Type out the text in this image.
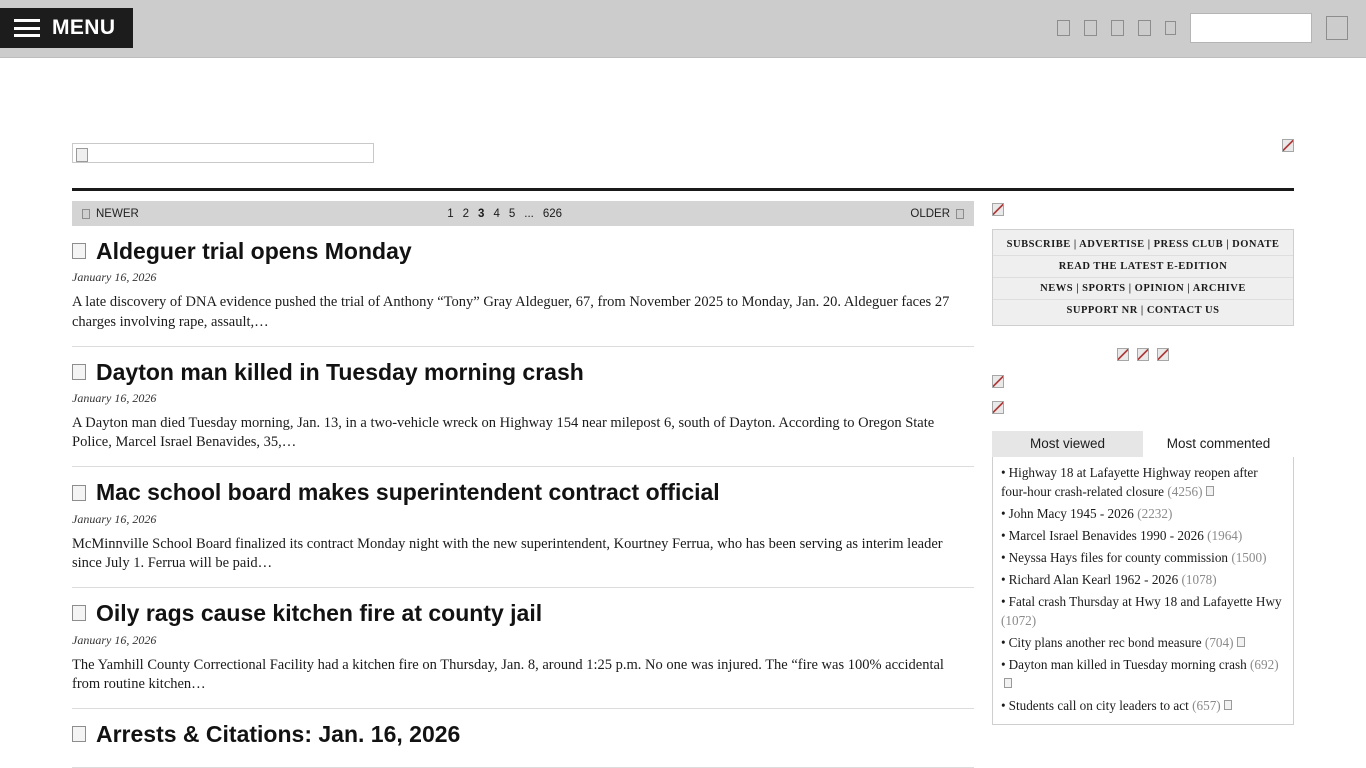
MENU
NEWER	1 2 3 4 5 ... 626	OLDER
Aldeguer trial opens Monday

January 16, 2026

A late discovery of DNA evidence pushed the trial of Anthony “Tony” Gray Aldeguer, 67, from November 2025 to Monday, Jan. 20. Aldeguer faces 27 charges involving rape, assault,…

Dayton man killed in Tuesday morning crash

January 16, 2026

A Dayton man died Tuesday morning, Jan. 13, in a two-vehicle wreck on Highway 154 near milepost 6, south of Dayton. According to Oregon State Police, Marcel Israel Benavides, 35,…

Mac school board makes superintendent contract official

January 16, 2026

McMinnville School Board finalized its contract Monday night with the new superintendent, Kourtney Ferrua, who has been serving as interim leader since July 1. Ferrua will be paid…

Oily rags cause kitchen fire at county jail

January 16, 2026

The Yamhill County Correctional Facility had a kitchen fire on Thursday, Jan. 8, around 1:25 p.m. No one was injured. The “fire was 100% accidental from routine kitchen…

Arrests & Citations: Jan. 16, 2026
SUBSCRIBE | ADVERTISE | PRESS CLUB | DONATE
READ THE LATEST E-EDITION
NEWS | SPORTS | OPINION | ARCHIVE
SUPPORT NR | CONTACT US
Most viewed	Most commented
• Highway 18 at Lafayette Highway reopen after four-hour crash-related closure (4256)
• John Macy 1945 - 2026 (2232)
• Marcel Israel Benavides 1990 - 2026 (1964)
• Neyssa Hays files for county commission (1500)
• Richard Alan Kearl 1962 - 2026 (1078)
• Fatal crash Thursday at Hwy 18 and Lafayette Hwy (1072)
• City plans another rec bond measure (704)
• Dayton man killed in Tuesday morning crash (692)
• Students call on city leaders to act (657)
